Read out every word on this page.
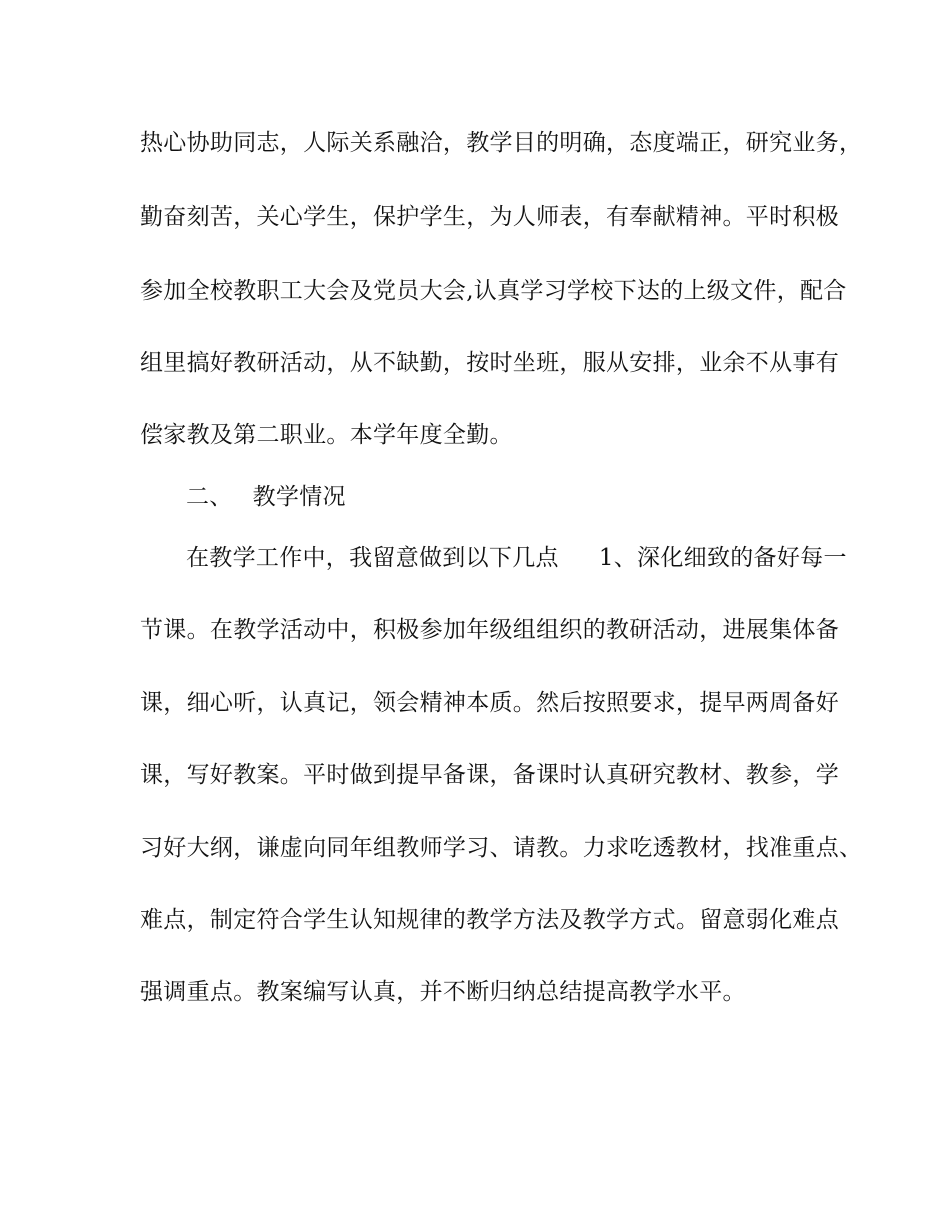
热心协助同志，人际关系融洽，教学目的明确，态度端正，研究业务，
勤奋刻苦，关心学生，保护学生，为人师表，有奉献精神。平时积极
参加全校教职工大会及党员大会,认真学习学校下达的上级文件，配合
组里搞好教研活动，从不缺勤，按时坐班，服从安排，业余不从事有
偿家教及第二职业。本学年度全勤。
二、 教学情况
在教学工作中，我留意做到以下几点 1、深化细致的备好每一
节课。在教学活动中，积极参加年级组组织的教研活动，进展集体备
课，细心听，认真记，领会精神本质。然后按照要求，提早两周备好
课，写好教案。平时做到提早备课，备课时认真研究教材、教参，学
习好大纲，谦虚向同年组教师学习、请教。力求吃透教材，找准重点、
难点，制定符合学生认知规律的教学方法及教学方式。留意弱化难点
强调重点。教案编写认真，并不断归纳总结提高教学水平。
